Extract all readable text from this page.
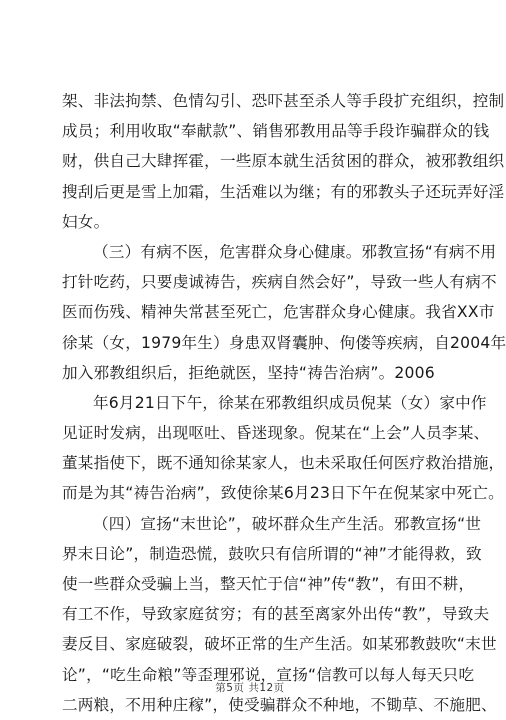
架 、 非 法 拘 禁 、 色 情 勾 引 、 恐 吓 甚 至 杀 人 等 手 段 扩 充 组 织 ， 控 制
成 员 ； 利 用 收 取 “ 奉 献 款 ” 、 销 售 邪 教 用 品 等 手 段 诈 骗 群 众 的 钱
财 ， 供 自 己 大 肆 挥 霍 ， 一 些 原 本 就 生 活 贫 困 的 群 众 ， 被 邪 教 组 织
搜 刮 后 更 是 雪 上 加 霜 ， 生 活 难 以 为 继 ； 有 的 邪 教 头 子 还 玩 弄 好 淫
妇女。
（ 三 ） 有 病 不 医 ， 危 害 群 众 身 心 健 康 。 邪 教 宣 扬 “ 有 病 不 用
打 针 吃 药 ， 只 要 虔 诚 祷 告 ， 疾 病 自 然 会 好 ” ， 导 致 一 些 人 有 病 不
医 而 伤 残 、 精 神 失 常 甚 至 死 亡 ， 危 害 群 众 身 心 健 康 。 我 省 X X 市
徐 某 （ 女 ， 1 9 7 9 年 生 ） 身 患 双 肾 囊 肿 、 佝 偻 等 疾 病 ， 自 2 0 0 4 年
加入邪教组织后，拒绝就医，坚持“祷告治病”。2006
年 6 月 2 1 日 下 午 ， 徐 某 在 邪 教 组 织 成 员 倪 某 （ 女 ） 家 中 作
见 证 时 发 病 ， 出 现 呕 吐 、 昏 迷 现 象 。 倪 某 在 “ 上 会 ” 人 员 李 某 、
董 某 指 使 下 ， 既 不 通 知 徐 某 家 人 ， 也 未 采 取 任 何 医 疗 救 治 措 施 ，
而 是 为 其 “ 祷 告 治 病 ” ， 致 使 徐 某 6 月 2 3 日 下 午 在 倪 某 家 中 死 亡 。
（ 四 ） 宣 扬 “ 末 世 论 ” ， 破 坏 群 众 生 产 生 活 。 邪 教 宣 扬 “ 世
界 末 日 论 ” ， 制 造 恐 慌 ， 鼓 吹 只 有 信 所 谓 的 “ 神 ” 才 能 得 救 ， 致
使 一 些 群 众 受 骗 上 当 ， 整 天 忙 于 信 “ 神 ” 传 “ 教 ” ， 有 田 不 耕 ，
有 工 不 作 ， 导 致 家 庭 贫 穷 ； 有 的 甚 至 离 家 外 出 传 “ 教 ” ， 导 致 夫
妻 反 目 、 家 庭 破 裂 ， 破 坏 正 常 的 生 产 生 活 。 如 某 邪 教 鼓 吹 “ 末 世
论 ” ， “ 吃 生 命 粮 ” 等 歪 理 邪 说 ， 宣 扬 “ 信 教 可 以 每 人 每 天 只 吃
二 两 粮 ， 不 用 种 庄 稼 ” ， 使 受 骗 群 众 不 种 地 ， 不 锄 草 、 不 施 肥 、
第5页 共12页
